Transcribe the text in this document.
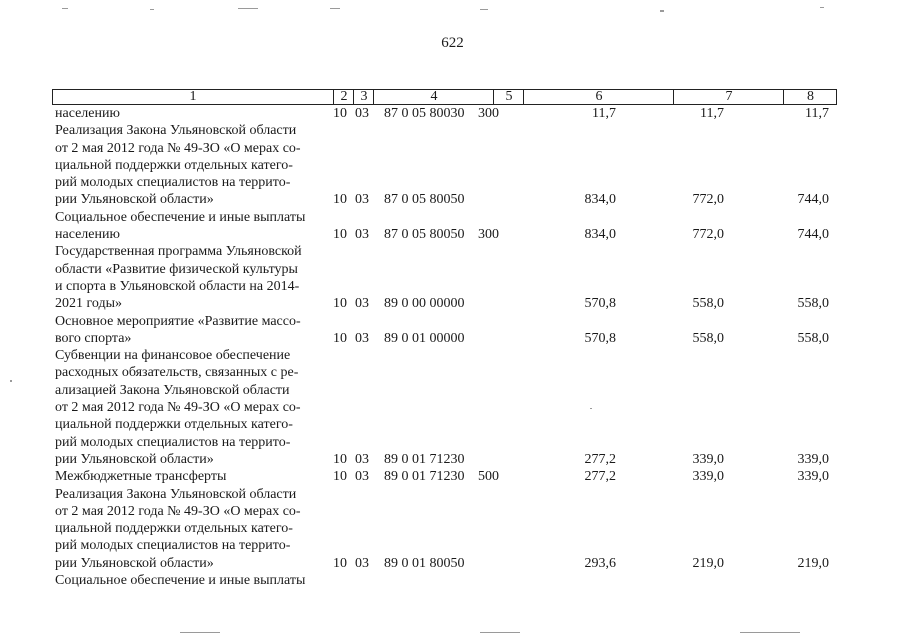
622
1	2 3	4	5	6	7	8
населению	10 03 87 0 05 80030 300	11,7	11,7	11,7
Реализация Закона Ульяновской области
от 2 мая 2012 года № 49-ЗО «О мерах со-
циальной поддержки отдельных катего-
рий молодых специалистов на террито-
рии Ульяновской области»	10 03 87 0 05 80050	834,0	772,0	744,0
Социальное обеспечение и иные выплаты
населению	10 03 87 0 05 80050 300	834,0	772,0	744,0
Государственная программа Ульяновской
области «Развитие физической культуры
и спорта в Ульяновской области на 2014-
2021 годы»	10 03 89 0 00 00000	570,8	558,0	558,0
Основное мероприятие «Развитие массо-
вого спорта»	10 03 89 0 01 00000	570,8	558,0	558,0
Субвенции на финансовое обеспечение
расходных обязательств, связанных с ре-
ализацией Закона Ульяновской области
от 2 мая 2012 года № 49-ЗО «О мерах со-
циальной поддержки отдельных катего-
рий молодых специалистов на террито-
рии Ульяновской области»	10 03 89 0 01 71230	277,2	339,0	339,0
Межбюджетные трансферты	10 03 89 0 01 71230 500	277,2	339,0	339,0
Реализация Закона Ульяновской области
от 2 мая 2012 года № 49-ЗО «О мерах со-
циальной поддержки отдельных катего-
рий молодых специалистов на террито-
рии Ульяновской области»	10 03 89 0 01 80050	293,6	219,0	219,0
Социальное обеспечение и иные выплаты
